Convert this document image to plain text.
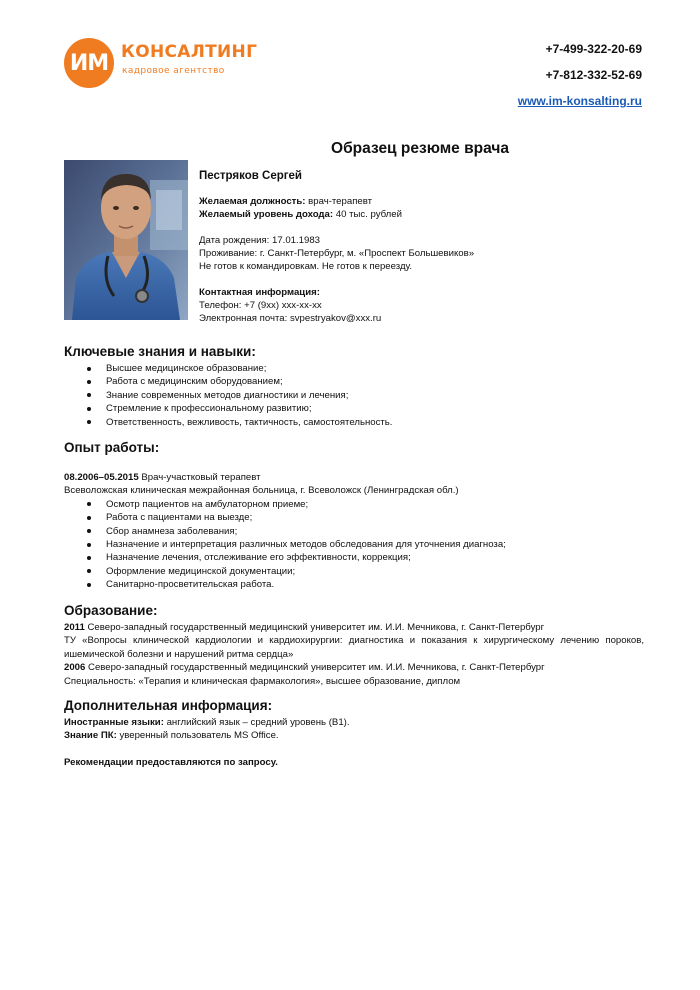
ИМ КОНСАЛТИНГ
кадровое агентство
+7-499-322-20-69
+7-812-332-52-69
www.im-konsalting.ru
Образец резюме врача
Пестряков Сергей
Желаемая должность: врач-терапевт
Желаемый уровень дохода: 40 тыс. рублей
Дата рождения: 17.01.1983
Проживание: г. Санкт-Петербург, м. «Проспект Большевиков»
Не готов к командировкам. Не готов к переезду.
Контактная информация:
Телефон: +7 (9хх) ххх-хх-хх
Электронная почта: svpestryakov@xxx.ru
Ключевые знания и навыки:
Высшее медицинское образование;
Работа с медицинским оборудованием;
Знание современных методов диагностики и лечения;
Стремление к профессиональному развитию;
Ответственность, вежливость, тактичность, самостоятельность.
Опыт работы:
08.2006–05.2015 Врач-участковый терапевт
Всеволожская клиническая межрайонная больница, г. Всеволожск (Ленинградская обл.)
Осмотр пациентов на амбулаторном приеме;
Работа с пациентами на выезде;
Сбор анамнеза заболевания;
Назначение и интерпретация различных методов обследования для уточнения диагноза;
Назначение лечения, отслеживание его эффективности, коррекция;
Оформление медицинской документации;
Санитарно-просветительская работа.
Образование:
2011 Северо-западный государственный медицинский университет им. И.И. Мечникова, г. Санкт-Петербург
ТУ «Вопросы клинической кардиологии и кардиохирургии: диагностика и показания к хирургическому лечению пороков, ишемической болезни и нарушений ритма сердца»
2006 Северо-западный государственный медицинский университет им. И.И. Мечникова, г. Санкт-Петербург
Специальность: «Терапия и клиническая фармакология», высшее образование, диплом
Дополнительная информация:
Иностранные языки: английский язык – средний уровень (B1).
Знание ПК: уверенный пользователь MS Office.
Рекомендации предоставляются по запросу.
